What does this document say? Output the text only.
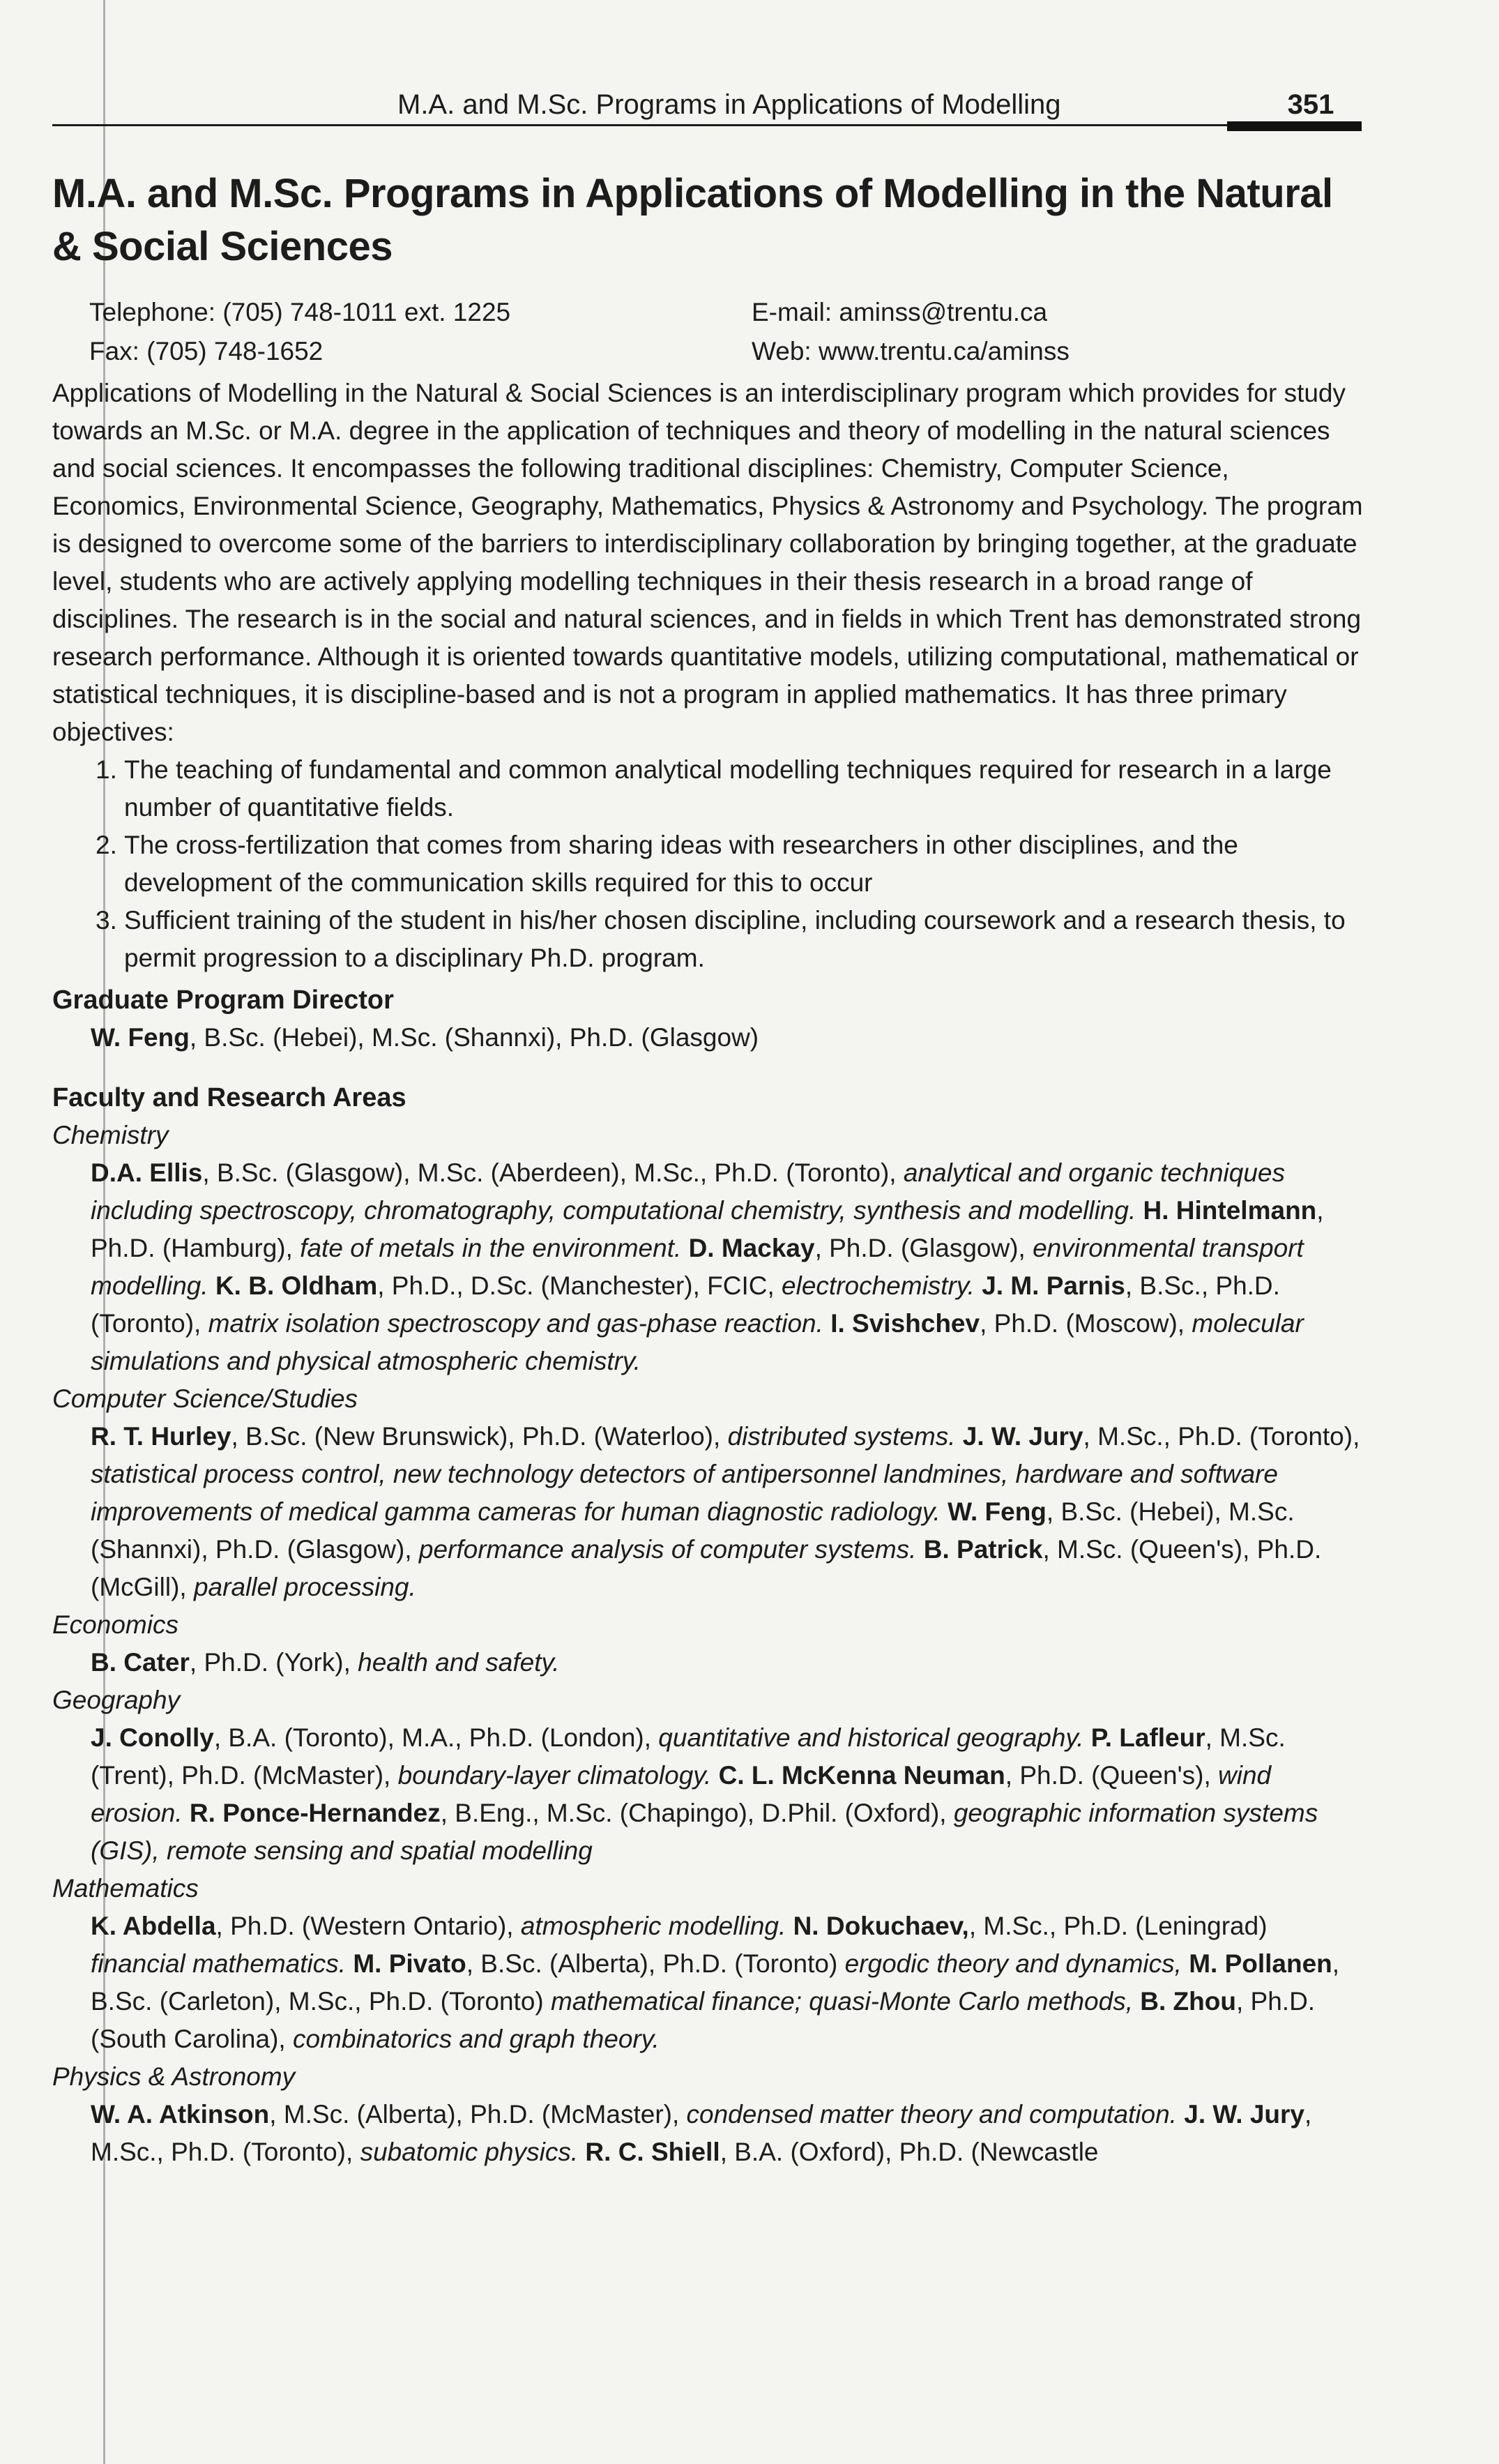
M.A. and M.Sc. Programs in Applications of Modelling	351
M.A. and M.Sc. Programs in Applications of Modelling in the Natural & Social Sciences
Telephone: (705) 748-1011 ext. 1225
Fax: (705) 748-1652
E-mail: aminss@trentu.ca
Web: www.trentu.ca/aminss

Applications of Modelling in the Natural & Social Sciences is an interdisciplinary program which provides for study towards an M.Sc. or M.A. degree in the application of techniques and theory of modelling in the natural sciences and social sciences. It encompasses the following traditional disciplines: Chemistry, Computer Science, Economics, Environmental Science, Geography, Mathematics, Physics & Astronomy and Psychology. The program is designed to overcome some of the barriers to interdisciplinary collaboration by bringing together, at the graduate level, students who are actively applying modelling techniques in their thesis research in a broad range of disciplines. The research is in the social and natural sciences, and in fields in which Trent has demonstrated strong research performance. Although it is oriented towards quantitative models, utilizing computational, mathematical or statistical techniques, it is discipline-based and is not a program in applied mathematics. It has three primary objectives:

1. The teaching of fundamental and common analytical modelling techniques required for research in a large number of quantitative fields.
2. The cross-fertilization that comes from sharing ideas with researchers in other disciplines, and the development of the communication skills required for this to occur
3. Sufficient training of the student in his/her chosen discipline, including coursework and a research thesis, to permit progression to a disciplinary Ph.D. program.
Graduate Program Director
W. Feng, B.Sc. (Hebei), M.Sc. (Shannxi), Ph.D. (Glasgow)
Faculty and Research Areas
Chemistry
D.A. Ellis, B.Sc. (Glasgow), M.Sc. (Aberdeen), M.Sc., Ph.D. (Toronto), analytical and organic techniques including spectroscopy, chromatography, computational chemistry, synthesis and modelling. H. Hintelmann, Ph.D. (Hamburg), fate of metals in the environment. D. Mackay, Ph.D. (Glasgow), environmental transport modelling. K. B. Oldham, Ph.D., D.Sc. (Manchester), FCIC, electrochemistry. J. M. Parnis, B.Sc., Ph.D. (Toronto), matrix isolation spectroscopy and gas-phase reaction. I. Svishchev, Ph.D. (Moscow), molecular simulations and physical atmospheric chemistry.
Computer Science/Studies
R. T. Hurley, B.Sc. (New Brunswick), Ph.D. (Waterloo), distributed systems. J. W. Jury, M.Sc., Ph.D. (Toronto), statistical process control, new technology detectors of antipersonnel landmines, hardware and software improvements of medical gamma cameras for human diagnostic radiology. W. Feng, B.Sc. (Hebei), M.Sc. (Shannxi), Ph.D. (Glasgow), performance analysis of computer systems. B. Patrick, M.Sc. (Queen's), Ph.D. (McGill), parallel processing.
Economics
B. Cater, Ph.D. (York), health and safety.
Geography
J. Conolly, B.A. (Toronto), M.A., Ph.D. (London), quantitative and historical geography. P. Lafleur, M.Sc. (Trent), Ph.D. (McMaster), boundary-layer climatology. C. L. McKenna Neuman, Ph.D. (Queen's), wind erosion. R. Ponce-Hernandez, B.Eng., M.Sc. (Chapingo), D.Phil. (Oxford), geographic information systems (GIS), remote sensing and spatial modelling
Mathematics
K. Abdella, Ph.D. (Western Ontario), atmospheric modelling. N. Dokuchaev,, M.Sc., Ph.D. (Leningrad) financial mathematics. M. Pivato, B.Sc. (Alberta), Ph.D. (Toronto) ergodic theory and dynamics, M. Pollanen, B.Sc. (Carleton), M.Sc., Ph.D. (Toronto) mathematical finance; quasi-Monte Carlo methods, B. Zhou, Ph.D. (South Carolina), combinatorics and graph theory.
Physics & Astronomy
W. A. Atkinson, M.Sc. (Alberta), Ph.D. (McMaster), condensed matter theory and computation. J. W. Jury, M.Sc., Ph.D. (Toronto), subatomic physics. R. C. Shiell, B.A. (Oxford), Ph.D. (Newcastle
